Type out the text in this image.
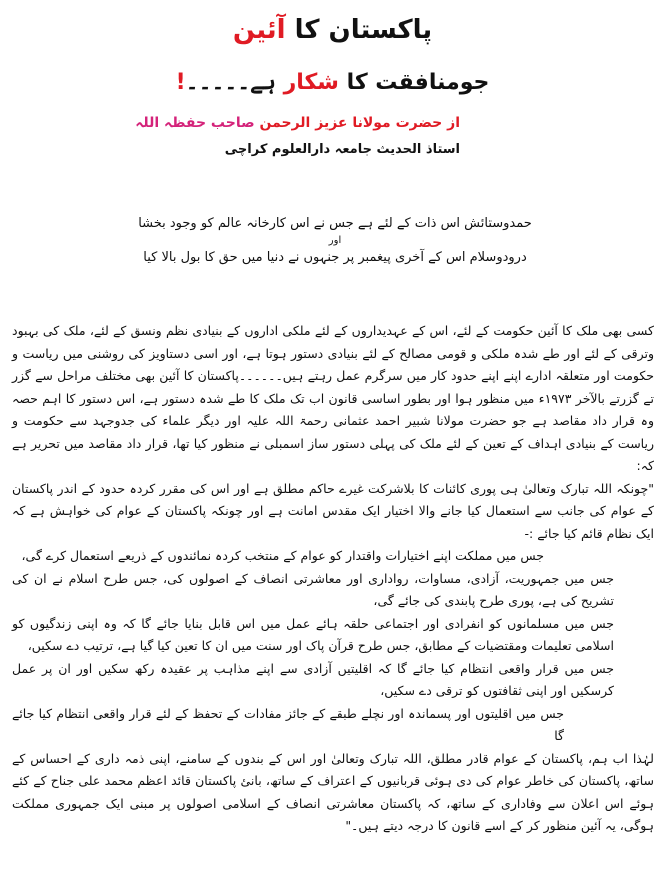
پاکستان کا آئین
جومنافقت کا شکار ہے۔۔۔۔۔!
از حضرت مولانا عزیز الرحمن صاحب حفظہ اللہ
استاذ الحدیث جامعہ دارالعلوم کراچی
حمدوستائش اس ذات کے لئے ہے جس نے اس کارخانہ عالم کو وجود بخشا
اور
درودوسلام اس کے آخری پیغمبر پر جنہوں نے دنیا میں حق کا بول بالا کیا

کسی بھی ملک کا آئین حکومت کے لئے، اس کے عہدیداروں کے لئے ملکی اداروں کے بنیادی نظم ونسق کے لئے، ملک کی بہبود وترقی کے لئے اور طے شدہ ملکی و قومی مصالح کے لئے بنیادی دستور ہوتا ہے، اور اسی دستاویز کی روشنی میں ریاست و حکومت اور متعلقہ ادارے اپنے اپنے حدود کار میں سرگرم عمل رہتے ہیں۔۔۔۔۔۔پاکستان کا آئین بھی مختلف مراحل سے گزر تے گزرتے بالآخر ۱۹۷۳ء میں منظور ہوا اور بطور اساسی قانون اب تک ملک کا طے شدہ دستور ہے، اس دستور کا اہم حصہ وہ قرار داد مقاصد ہے جو حضرت مولانا شبیر احمد عثمانی رحمۃ اللہ علیہ اور دیگر علماء کی جدوجہد سے حکومت و ریاست کے بنیادی اہداف کے تعین کے لئے ملک کی پہلی دستور ساز اسمبلی نے منظور کیا تھا، قرار داد مقاصد میں تحریر ہے کہ:

"چونکہ اللہ تبارک وتعالیٰ ہی پوری کائنات کا بلاشرکت غیرے حاکم مطلق ہے اور اس کی مقرر کردہ حدود کے اندر پاکستان کے عوام کی جانب سے استعمال کیا جانے والا اختیار ایک مقدس امانت ہے اور چونکہ پاکستان کے عوام کی خواہش ہے کہ ایک نظام قائم کیا جائے :-

جس میں مملکت اپنے اختیارات واقتدار کو عوام کے منتخب کردہ نمائندوں کے ذریعے استعمال کرے گی،

جس میں جمہوریت، آزادی، مساوات، رواداری اور معاشرتی انصاف کے اصولوں کی، جس طرح اسلام نے ان کی تشریح کی ہے، پوری طرح پابندی کی جائے گی،

جس میں مسلمانوں کو انفرادی اور اجتماعی حلقہ ہائے عمل میں اس قابل بنایا جائے گا کہ وہ اپنی زندگیوں کو اسلامی تعلیمات ومقتضیات کے مطابق، جس طرح قرآن پاک اور سنت میں ان کا تعین کیا گیا ہے، ترتیب دے سکیں،

جس میں قرار واقعی انتظام کیا جائے گا کہ اقلیتیں آزادی سے اپنے مذاہب پر عقیدہ رکھ سکیں اور ان پر عمل کرسکیں اور اپنی ثقافتوں کو ترقی دے سکیں،

جس میں اقلیتوں اور پسماندہ اور نچلے طبقے کے جائز مفادات کے تحفظ کے لئے قرار واقعی انتظام کیا جائے گا

لہٰذا اب ہم، پاکستان کے عوام قادر مطلق، اللہ تبارک وتعالیٰ اور اس کے بندوں کے سامنے، اپنی ذمہ داری کے احساس کے ساتھ، پاکستان کی خاطر عوام کی دی ہوئی قربانیوں کے اعتراف کے ساتھ، بانئ پاکستان قائد اعظم محمد علی جناح کے کئے ہوئے اس اعلان سے وفاداری کے ساتھ، کہ پاکستان معاشرتی انصاف کے اسلامی اصولوں پر مبنی ایک جمہوری مملکت ہوگی، یہ آئین منظور کر کے اسے قانون کا درجہ دیتے ہیں۔"
